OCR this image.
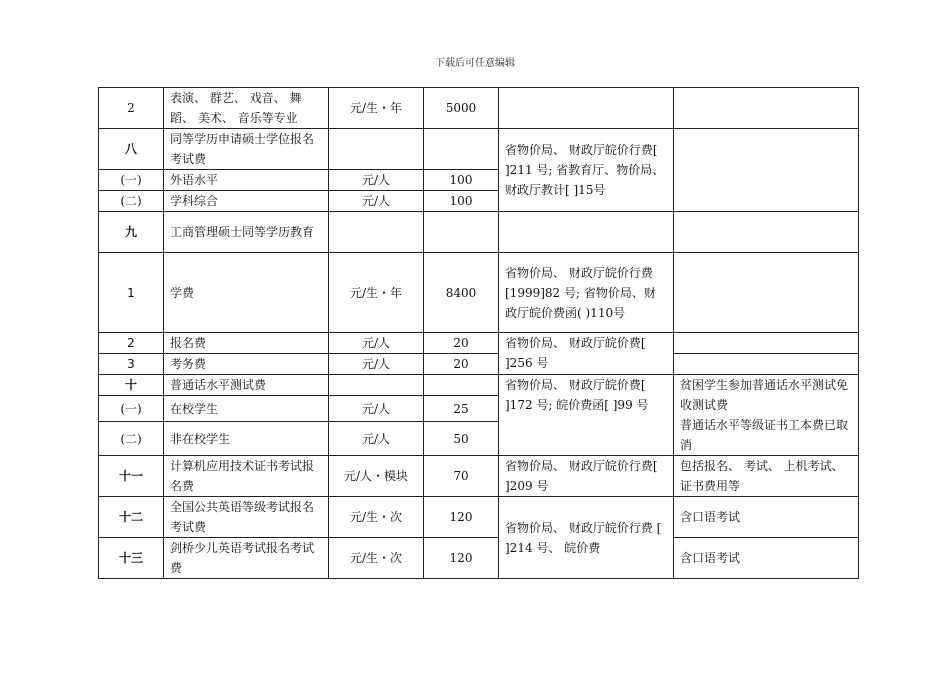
下载后可任意编辑
2	表演、 群艺、 戏音、 舞蹈、 美术、 音乐等专业	元/生・年	5000		
八	同等学历申请硕士学位报名考试费			省物价局、 财政厅皖价行费[ ]211 号; 省教育厅、物价局、 财政厅教计[ ]15号	
(一)	外语水平	元/人	100		
(二)	学科综合	元/人	100		
九	工商管理硕士同等学历教育				
1	学费	元/生・年	8400	省物价局、 财政厅皖价行费[1999]82 号; 省物价局、财政厅皖价费函( )110号	
2	报名费	元/人	20	省物价局、 财政厅皖价费[ ]256 号	
3	考务费	元/人	20		
十	普通话水平测试费			省物价局、 财政厅皖价费[ ]172 号; 皖价费函[ ]99 号	贫困学生参加普通话水平测试免收测试费
普通话水平等级证书工本费已取消

(一)	在校学生	元/人	25		
(二)	非在校学生	元/人	50		
十一	计算机应用技术证书考试报名费	元/人・模块	70	省物价局、 财政厅皖价行费[ ]209 号	包括报名、 考试、 上机考试、 证书费用等
十二	全国公共英语等级考试报名考试费	元/生・次	120	省物价局、 财政厅皖价行费 [ ]214 号、 皖价费	含口语考试
十三	剑桥少儿英语考试报名考试费	元/生・次	120		含口语考试
